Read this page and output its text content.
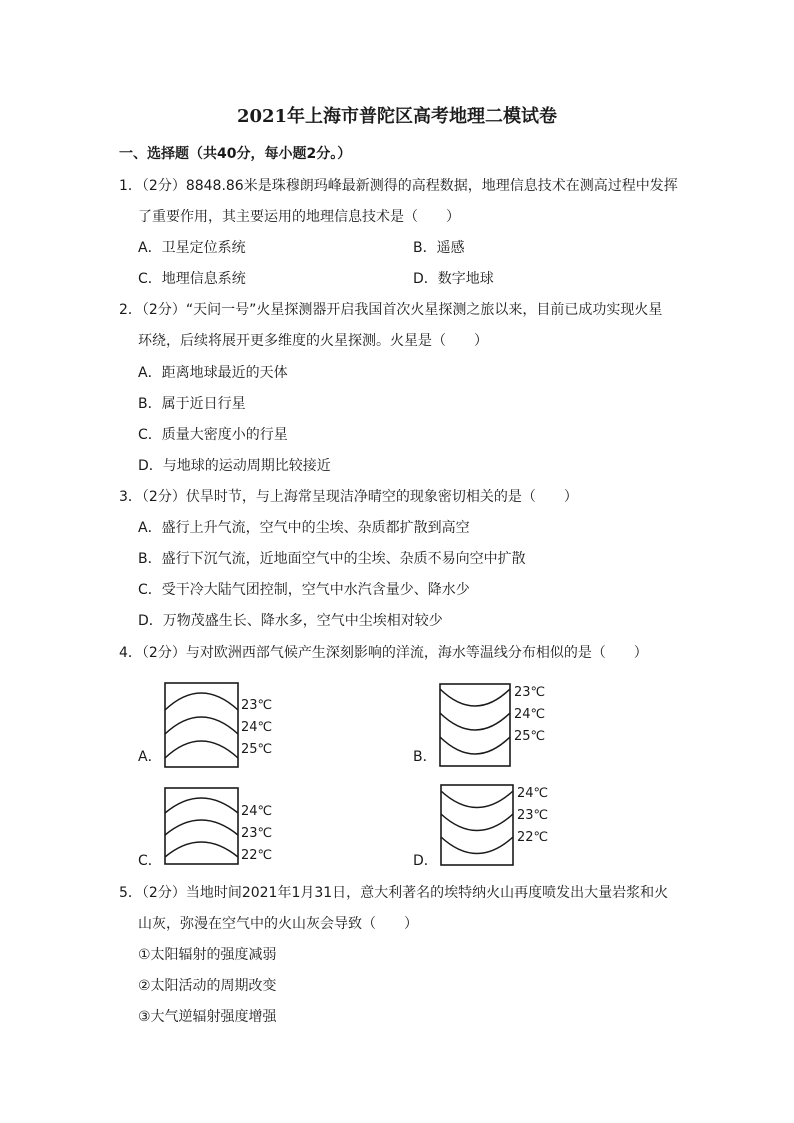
2021年上海市普陀区高考地理二模试卷
一、选择题（共40分，每小题2分。）
1．（2分）8848.86米是珠穆朗玛峰最新测得的高程数据，地理信息技术在测高过程中发挥
了重要作用，其主要运用的地理信息技术是（　　）
A．卫星定位系统	B．遥感
C．地理信息系统	D．数字地球
2．（2分）“天问一号”火星探测器开启我国首次火星探测之旅以来，目前已成功实现火星
环绕，后续将展开更多维度的火星探测。火星是（　　）
A．距离地球最近的天体
B．属于近日行星
C．质量大密度小的行星
D．与地球的运动周期比较接近
3．（2分）伏旱时节，与上海常呈现洁净晴空的现象密切相关的是（　　）
A．盛行上升气流，空气中的尘埃、杂质都扩散到高空
B．盛行下沉气流，近地面空气中的尘埃、杂质不易向空中扩散
C．受干冷大陆气团控制，空气中水汽含量少、降水少
D．万物茂盛生长、降水多，空气中尘埃相对较少
4．（2分）与对欧洲西部气候产生深刻影响的洋流，海水等温线分布相似的是（　　）
23℃
24℃
25℃
A．
23℃
24℃
25℃
B．
24℃
23℃
22℃
C．
24℃
23℃
22℃
D．
5．（2分）当地时间2021年1月31日，意大利著名的埃特纳火山再度喷发出大量岩浆和火
山灰，弥漫在空气中的火山灰会导致（　　）
①太阳辐射的强度减弱
②太阳活动的周期改变
③大气逆辐射强度增强
